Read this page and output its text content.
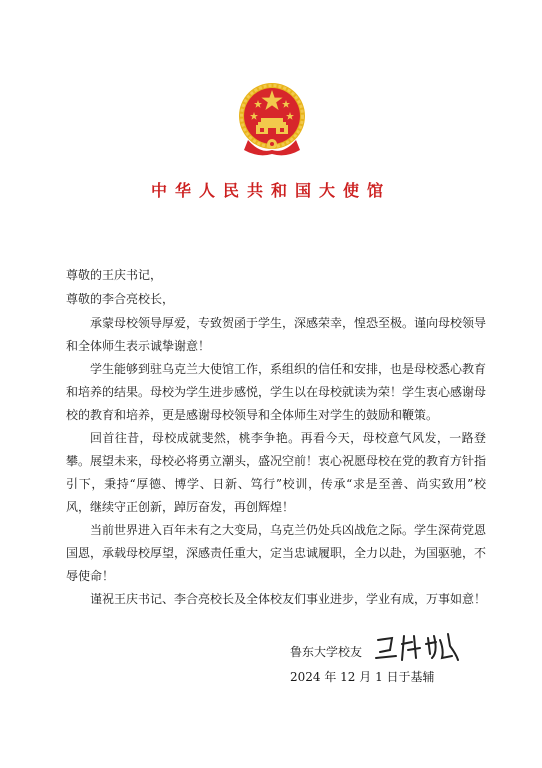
中华人民共和国大使馆
尊敬的王庆书记，
尊敬的李合亮校长，

承蒙母校领导厚爱，专致贺函于学生，深感荣幸，惶恐至极。谨向母校领导和全体师生表示诚挚谢意！

学生能够到驻乌克兰大使馆工作，系组织的信任和安排，也是母校悉心教育和培养的结果。母校为学生进步感悦，学生以在母校就读为荣！学生衷心感谢母校的教育和培养，更是感谢母校领导和全体师生对学生的鼓励和鞭策。

回首往昔，母校成就斐然，桃李争艳。再看今天，母校意气风发，一路登攀。展望未来，母校必将勇立潮头，盛况空前！衷心祝愿母校在党的教育方针指引下，秉持“厚德、博学、日新、笃行”校训，传承“求是至善、尚实致用”校风，继续守正创新，踔厉奋发，再创辉煌！

当前世界进入百年未有之大变局，乌克兰仍处兵凶战危之际。学生深荷党恩国恩，承载母校厚望，深感责任重大，定当忠诚履职，全力以赴，为国驱驰，不辱使命！

谨祝王庆书记、李合亮校长及全体校友们事业进步，学业有成，万事如意！

鲁东大学校友
2024 年 12 月 1 日于基辅
